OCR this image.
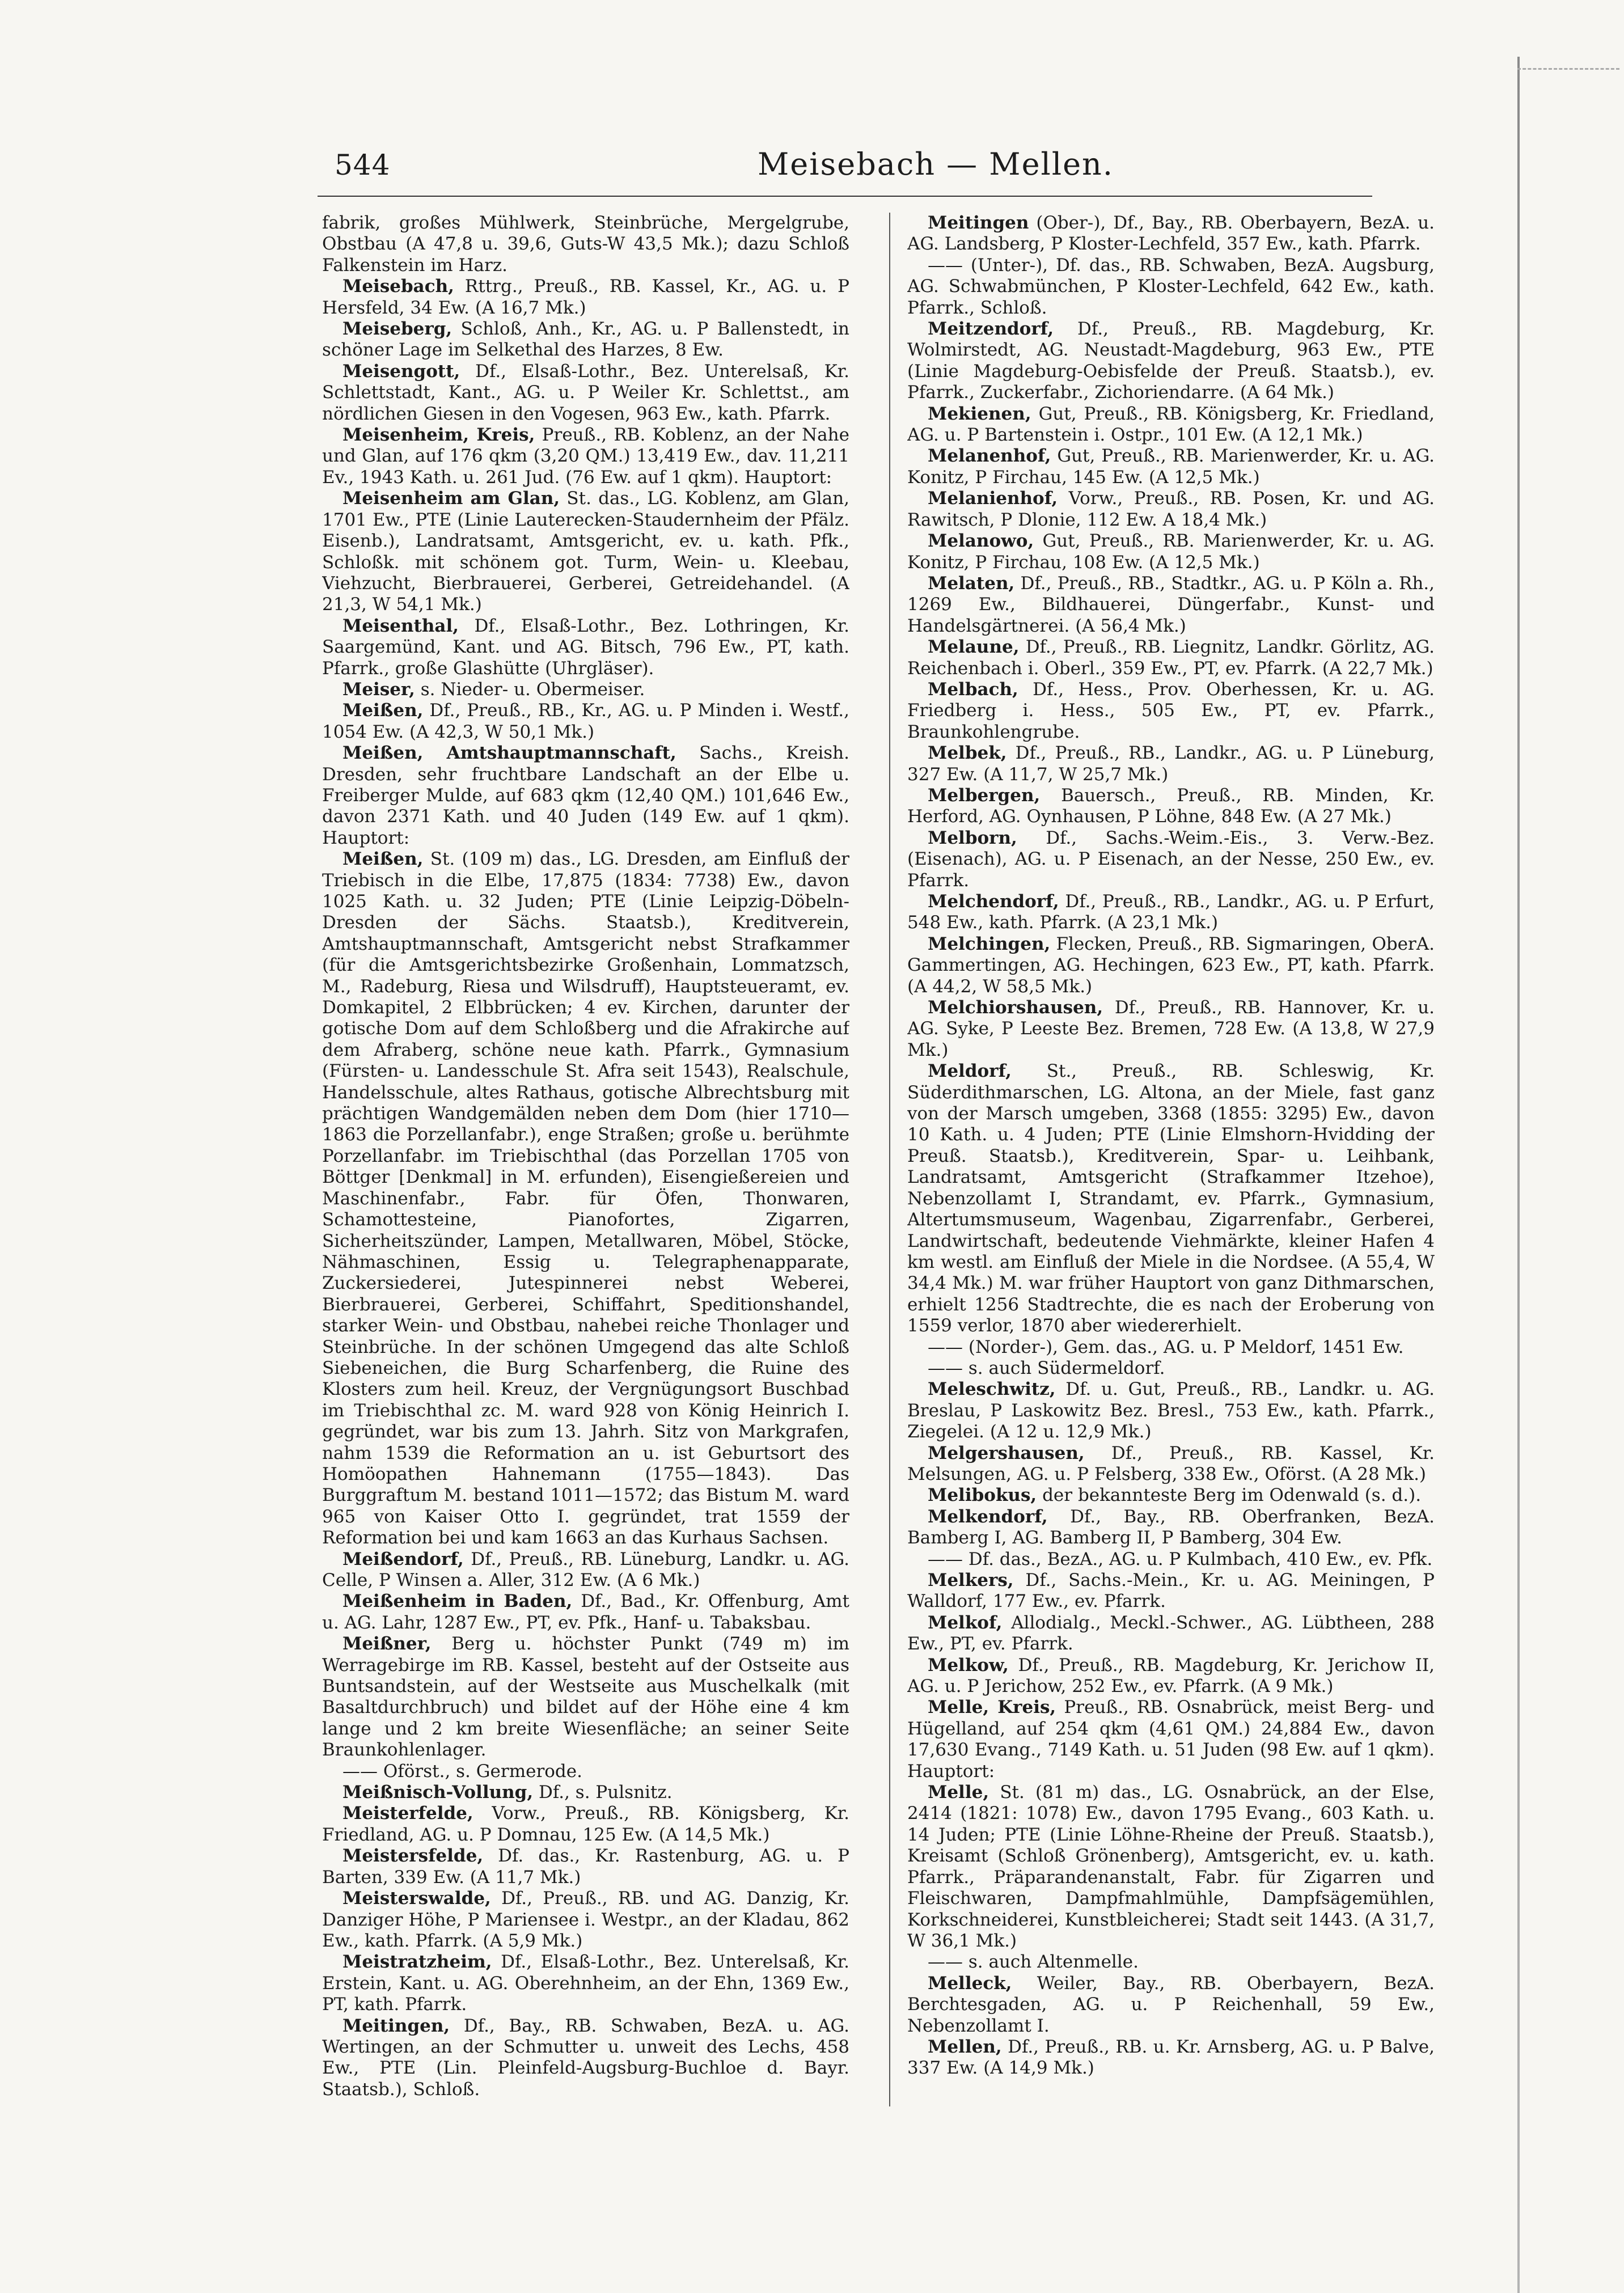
544	Meisebach — Mellen.

fabrik, großes Mühlwerk, Steinbrüche, Mergelgrube, Obstbau (A 47,8 u. 39,6, Guts-W 43,5 Mk.); dazu Schloß Falkenstein im Harz.

Meisebach, Rttrg., Preuß., RB. Kassel, Kr., AG. u. P Hersfeld, 34 Ew. (A 16,7 Mk.)

Meiseberg, Schloß, Anh., Kr., AG. u. P Ballenstedt, in schöner Lage im Selkethal des Harzes, 8 Ew.

Meisengott, Df., Elsaß-Lothr., Bez. Unterelsaß, Kr. Schlettstadt, Kant., AG. u. P Weiler Kr. Schlettst., am nördlichen Giesen in den Vogesen, 963 Ew., kath. Pfarrk.

Meisenheim, Kreis, Preuß., RB. Koblenz, an der Nahe und Glan, auf 176 qkm (3,20 QM.) 13,419 Ew., dav. 11,211 Ev., 1943 Kath. u. 261 Jud. (76 Ew. auf 1 qkm). Hauptort:

Meisenheim am Glan, St. das., LG. Koblenz, am Glan, 1701 Ew., PTE (Linie Lauterecken-Staudernheim der Pfälz. Eisenb.), Landratsamt, Amtsgericht, ev. u. kath. Pfk., Schloßk. mit schönem got. Turm, Wein- u. Kleebau, Viehzucht, Bierbrauerei, Gerberei, Getreidehandel. (A 21,3, W 54,1 Mk.)

Meisenthal, Df., Elsaß-Lothr., Bez. Lothringen, Kr. Saargemünd, Kant. und AG. Bitsch, 796 Ew., PT, kath. Pfarrk., große Glashütte (Uhrgläser).

Meiser, s. Nieder- u. Obermeiser.

Meißen, Df., Preuß., RB., Kr., AG. u. P Minden i. Westf., 1054 Ew. (A 42,3, W 50,1 Mk.)

Meißen, Amtshauptmannschaft, Sachs., Kreish. Dresden, sehr fruchtbare Landschaft an der Elbe u. Freiberger Mulde, auf 683 qkm (12,40 QM.) 101,646 Ew., davon 2371 Kath. und 40 Juden (149 Ew. auf 1 qkm). Hauptort:

Meißen, St. (109 m) das., LG. Dresden, am Einfluß der Triebisch in die Elbe, 17,875 (1834: 7738) Ew., davon 1025 Kath. u. 32 Juden; PTE (Linie Leipzig-Döbeln-Dresden der Sächs. Staatsb.), Kreditverein, Amtshauptmannschaft, Amtsgericht nebst Strafkammer (für die Amtsgerichtsbezirke Großenhain, Lommatzsch, M., Radeburg, Riesa und Wilsdruff), Hauptsteueramt, ev. Domkapitel, 2 Elbbrücken; 4 ev. Kirchen, darunter der gotische Dom auf dem Schloßberg und die Afrakirche auf dem Afraberg, schöne neue kath. Pfarrk., Gymnasium (Fürsten- u. Landesschule St. Afra seit 1543), Realschule, Handelsschule, altes Rathaus, gotische Albrechtsburg mit prächtigen Wandgemälden neben dem Dom (hier 1710—1863 die Porzellanfabr.), enge Straßen; große u. berühmte Porzellanfabr. im Triebischthal (das Porzellan 1705 von Böttger [Denkmal] in M. erfunden), Eisengießereien und Maschinenfabr., Fabr. für Öfen, Thonwaren, Schamottesteine, Pianofortes, Zigarren, Sicherheitszünder, Lampen, Metallwaren, Möbel, Stöcke, Nähmaschinen, Essig u. Telegraphenapparate, Zuckersiederei, Jutespinnerei nebst Weberei, Bierbrauerei, Gerberei, Schiffahrt, Speditionshandel, starker Wein- und Obstbau, nahebei reiche Thonlager und Steinbrüche. In der schönen Umgegend das alte Schloß Siebeneichen, die Burg Scharfenberg, die Ruine des Klosters zum heil. Kreuz, der Vergnügungsort Buschbad im Triebischthal zc. M. ward 928 von König Heinrich I. gegründet, war bis zum 13. Jahrh. Sitz von Markgrafen, nahm 1539 die Reformation an u. ist Geburtsort des Homöopathen Hahnemann (1755—1843). Das Burggraftum M. bestand 1011—1572; das Bistum M. ward 965 von Kaiser Otto I. gegründet, trat 1559 der Reformation bei und kam 1663 an das Kurhaus Sachsen.

Meißendorf, Df., Preuß., RB. Lüneburg, Landkr. u. AG. Celle, P Winsen a. Aller, 312 Ew. (A 6 Mk.)

Meißenheim in Baden, Df., Bad., Kr. Offenburg, Amt u. AG. Lahr, 1287 Ew., PT, ev. Pfk., Hanf- u. Tabaksbau.

Meißner, Berg u. höchster Punkt (749 m) im Werragebirge im RB. Kassel, besteht auf der Ostseite aus Buntsandstein, auf der Westseite aus Muschelkalk (mit Basaltdurchbruch) und bildet auf der Höhe eine 4 km lange und 2 km breite Wiesenfläche; an seiner Seite Braunkohlenlager.

—— Oförst., s. Germerode.

Meißnisch-Vollung, Df., s. Pulsnitz.

Meisterfelde, Vorw., Preuß., RB. Königsberg, Kr. Friedland, AG. u. P Domnau, 125 Ew. (A 14,5 Mk.)

Meistersfelde, Df. das., Kr. Rastenburg, AG. u. P Barten, 339 Ew. (A 11,7 Mk.)

Meisterswalde, Df., Preuß., RB. und AG. Danzig, Kr. Danziger Höhe, P Mariensee i. Westpr., an der Kladau, 862 Ew., kath. Pfarrk. (A 5,9 Mk.)

Meistratzheim, Df., Elsaß-Lothr., Bez. Unterelsaß, Kr. Erstein, Kant. u. AG. Oberehnheim, an der Ehn, 1369 Ew., PT, kath. Pfarrk.

Meitingen, Df., Bay., RB. Schwaben, BezA. u. AG. Wertingen, an der Schmutter u. unweit des Lechs, 458 Ew., PTE (Lin. Pleinfeld-Augsburg-Buchloe d. Bayr. Staatsb.), Schloß.

Meitingen (Ober-), Df., Bay., RB. Oberbayern, BezA. u. AG. Landsberg, P Kloster-Lechfeld, 357 Ew., kath. Pfarrk.

—— (Unter-), Df. das., RB. Schwaben, BezA. Augsburg, AG. Schwabmünchen, P Kloster-Lechfeld, 642 Ew., kath. Pfarrk., Schloß.

Meitzendorf, Df., Preuß., RB. Magdeburg, Kr. Wolmirstedt, AG. Neustadt-Magdeburg, 963 Ew., PTE (Linie Magdeburg-Oebisfelde der Preuß. Staatsb.), ev. Pfarrk., Zuckerfabr., Zichoriendarre. (A 64 Mk.)

Mekienen, Gut, Preuß., RB. Königsberg, Kr. Friedland, AG. u. P Bartenstein i. Ostpr., 101 Ew. (A 12,1 Mk.)

Melanenhof, Gut, Preuß., RB. Marienwerder, Kr. u. AG. Konitz, P Firchau, 145 Ew. (A 12,5 Mk.)

Melanienhof, Vorw., Preuß., RB. Posen, Kr. und AG. Rawitsch, P Dlonie, 112 Ew. A 18,4 Mk.)

Melanowo, Gut, Preuß., RB. Marienwerder, Kr. u. AG. Konitz, P Firchau, 108 Ew. (A 12,5 Mk.)

Melaten, Df., Preuß., RB., Stadtkr., AG. u. P Köln a. Rh., 1269 Ew., Bildhauerei, Düngerfabr., Kunst- und Handelsgärtnerei. (A 56,4 Mk.)

Melaune, Df., Preuß., RB. Liegnitz, Landkr. Görlitz, AG. Reichenbach i. Oberl., 359 Ew., PT, ev. Pfarrk. (A 22,7 Mk.)

Melbach, Df., Hess., Prov. Oberhessen, Kr. u. AG. Friedberg i. Hess., 505 Ew., PT, ev. Pfarrk., Braunkohlengrube.

Melbek, Df., Preuß., RB., Landkr., AG. u. P Lüneburg, 327 Ew. (A 11,7, W 25,7 Mk.)

Melbergen, Bauersch., Preuß., RB. Minden, Kr. Herford, AG. Oynhausen, P Löhne, 848 Ew. (A 27 Mk.)

Melborn, Df., Sachs.-Weim.-Eis., 3. Verw.-Bez. (Eisenach), AG. u. P Eisenach, an der Nesse, 250 Ew., ev. Pfarrk.

Melchendorf, Df., Preuß., RB., Landkr., AG. u. P Erfurt, 548 Ew., kath. Pfarrk. (A 23,1 Mk.)

Melchingen, Flecken, Preuß., RB. Sigmaringen, OberA. Gammertingen, AG. Hechingen, 623 Ew., PT, kath. Pfarrk. (A 44,2, W 58,5 Mk.)

Melchiorshausen, Df., Preuß., RB. Hannover, Kr. u. AG. Syke, P Leeste Bez. Bremen, 728 Ew. (A 13,8, W 27,9 Mk.)

Meldorf, St., Preuß., RB. Schleswig, Kr. Süderdithmarschen, LG. Altona, an der Miele, fast ganz von der Marsch umgeben, 3368 (1855: 3295) Ew., davon 10 Kath. u. 4 Juden; PTE (Linie Elmshorn-Hvidding der Preuß. Staatsb.), Kreditverein, Spar- u. Leihbank, Landratsamt, Amtsgericht (Strafkammer Itzehoe), Nebenzollamt I, Strandamt, ev. Pfarrk., Gymnasium, Altertumsmuseum, Wagenbau, Zigarrenfabr., Gerberei, Landwirtschaft, bedeutende Viehmärkte, kleiner Hafen 4 km westl. am Einfluß der Miele in die Nordsee. (A 55,4, W 34,4 Mk.) M. war früher Hauptort von ganz Dithmarschen, erhielt 1256 Stadtrechte, die es nach der Eroberung von 1559 verlor, 1870 aber wiedererhielt.

—— (Norder-), Gem. das., AG. u. P Meldorf, 1451 Ew.

—— s. auch Südermeldorf.

Meleschwitz, Df. u. Gut, Preuß., RB., Landkr. u. AG. Breslau, P Laskowitz Bez. Bresl., 753 Ew., kath. Pfarrk., Ziegelei. (A 12 u. 12,9 Mk.)

Melgershausen, Df., Preuß., RB. Kassel, Kr. Melsungen, AG. u. P Felsberg, 338 Ew., Oförst. (A 28 Mk.)

Melibokus, der bekannteste Berg im Odenwald (s. d.).

Melkendorf, Df., Bay., RB. Oberfranken, BezA. Bamberg I, AG. Bamberg II, P Bamberg, 304 Ew.

—— Df. das., BezA., AG. u. P Kulmbach, 410 Ew., ev. Pfk.

Melkers, Df., Sachs.-Mein., Kr. u. AG. Meiningen, P Walldorf, 177 Ew., ev. Pfarrk.

Melkof, Allodialg., Meckl.-Schwer., AG. Lübtheen, 288 Ew., PT, ev. Pfarrk.

Melkow, Df., Preuß., RB. Magdeburg, Kr. Jerichow II, AG. u. P Jerichow, 252 Ew., ev. Pfarrk. (A 9 Mk.)

Melle, Kreis, Preuß., RB. Osnabrück, meist Berg- und Hügelland, auf 254 qkm (4,61 QM.) 24,884 Ew., davon 17,630 Evang., 7149 Kath. u. 51 Juden (98 Ew. auf 1 qkm). Hauptort:

Melle, St. (81 m) das., LG. Osnabrück, an der Else, 2414 (1821: 1078) Ew., davon 1795 Evang., 603 Kath. u. 14 Juden; PTE (Linie Löhne-Rheine der Preuß. Staatsb.), Kreisamt (Schloß Grönenberg), Amtsgericht, ev. u. kath. Pfarrk., Präparandenanstalt, Fabr. für Zigarren und Fleischwaren, Dampfmahlmühle, Dampfsägemühlen, Korkschneiderei, Kunstbleicherei; Stadt seit 1443. (A 31,7, W 36,1 Mk.)

—— s. auch Altenmelle.

Melleck, Weiler, Bay., RB. Oberbayern, BezA. Berchtesgaden, AG. u. P Reichenhall, 59 Ew., Nebenzollamt I.

Mellen, Df., Preuß., RB. u. Kr. Arnsberg, AG. u. P Balve, 337 Ew. (A 14,9 Mk.)
